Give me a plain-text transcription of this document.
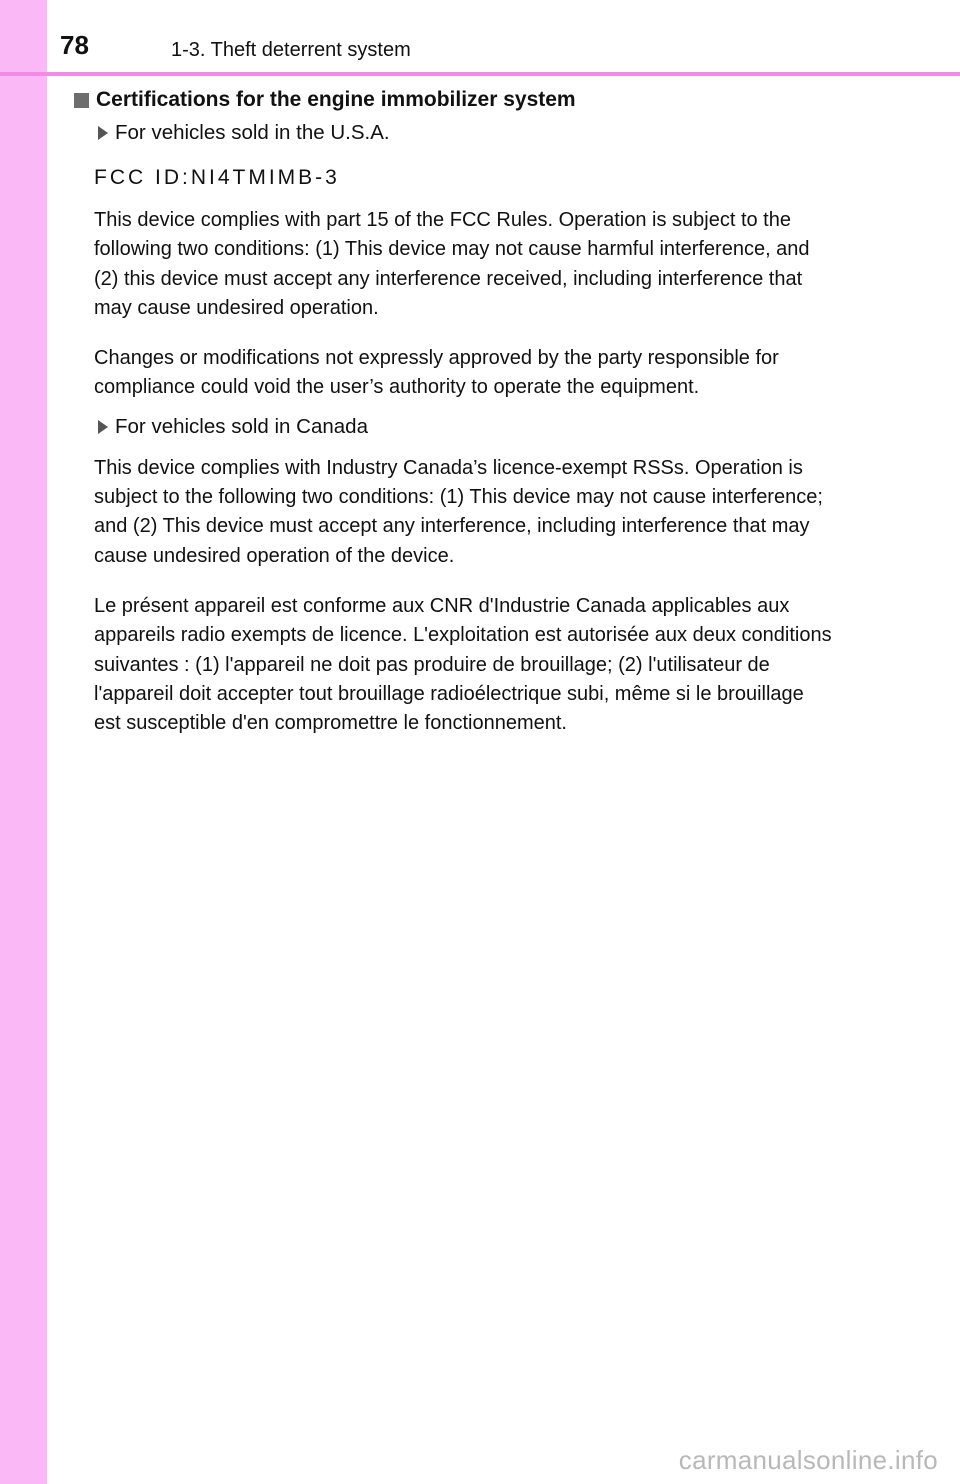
78	1-3. Theft deterrent system
Certifications for the engine immobilizer system
For vehicles sold in the U.S.A.
FCC ID:NI4TMIMB-3
This device complies with part 15 of the FCC Rules. Operation is subject to the following two conditions: (1) This device may not cause harmful interference, and (2) this device must accept any interference received, including interference that may cause undesired operation.
Changes or modifications not expressly approved by the party responsible for compliance could void the user’s authority to operate the equipment.
For vehicles sold in Canada
This device complies with Industry Canada’s licence-exempt RSSs. Operation is subject to the following two conditions: (1) This device may not cause interference; and (2) This device must accept any interference, including interference that may cause undesired operation of the device.
Le présent appareil est conforme aux CNR d'Industrie Canada applicables aux appareils radio exempts de licence. L'exploitation est autorisée aux deux conditions suivantes : (1) l'appareil ne doit pas produire de brouillage; (2) l'utilisateur de l'appareil doit accepter tout brouillage radioélectrique subi, même si le brouillage est susceptible d'en compromettre le fonctionnement.
carmanualsonline.info
